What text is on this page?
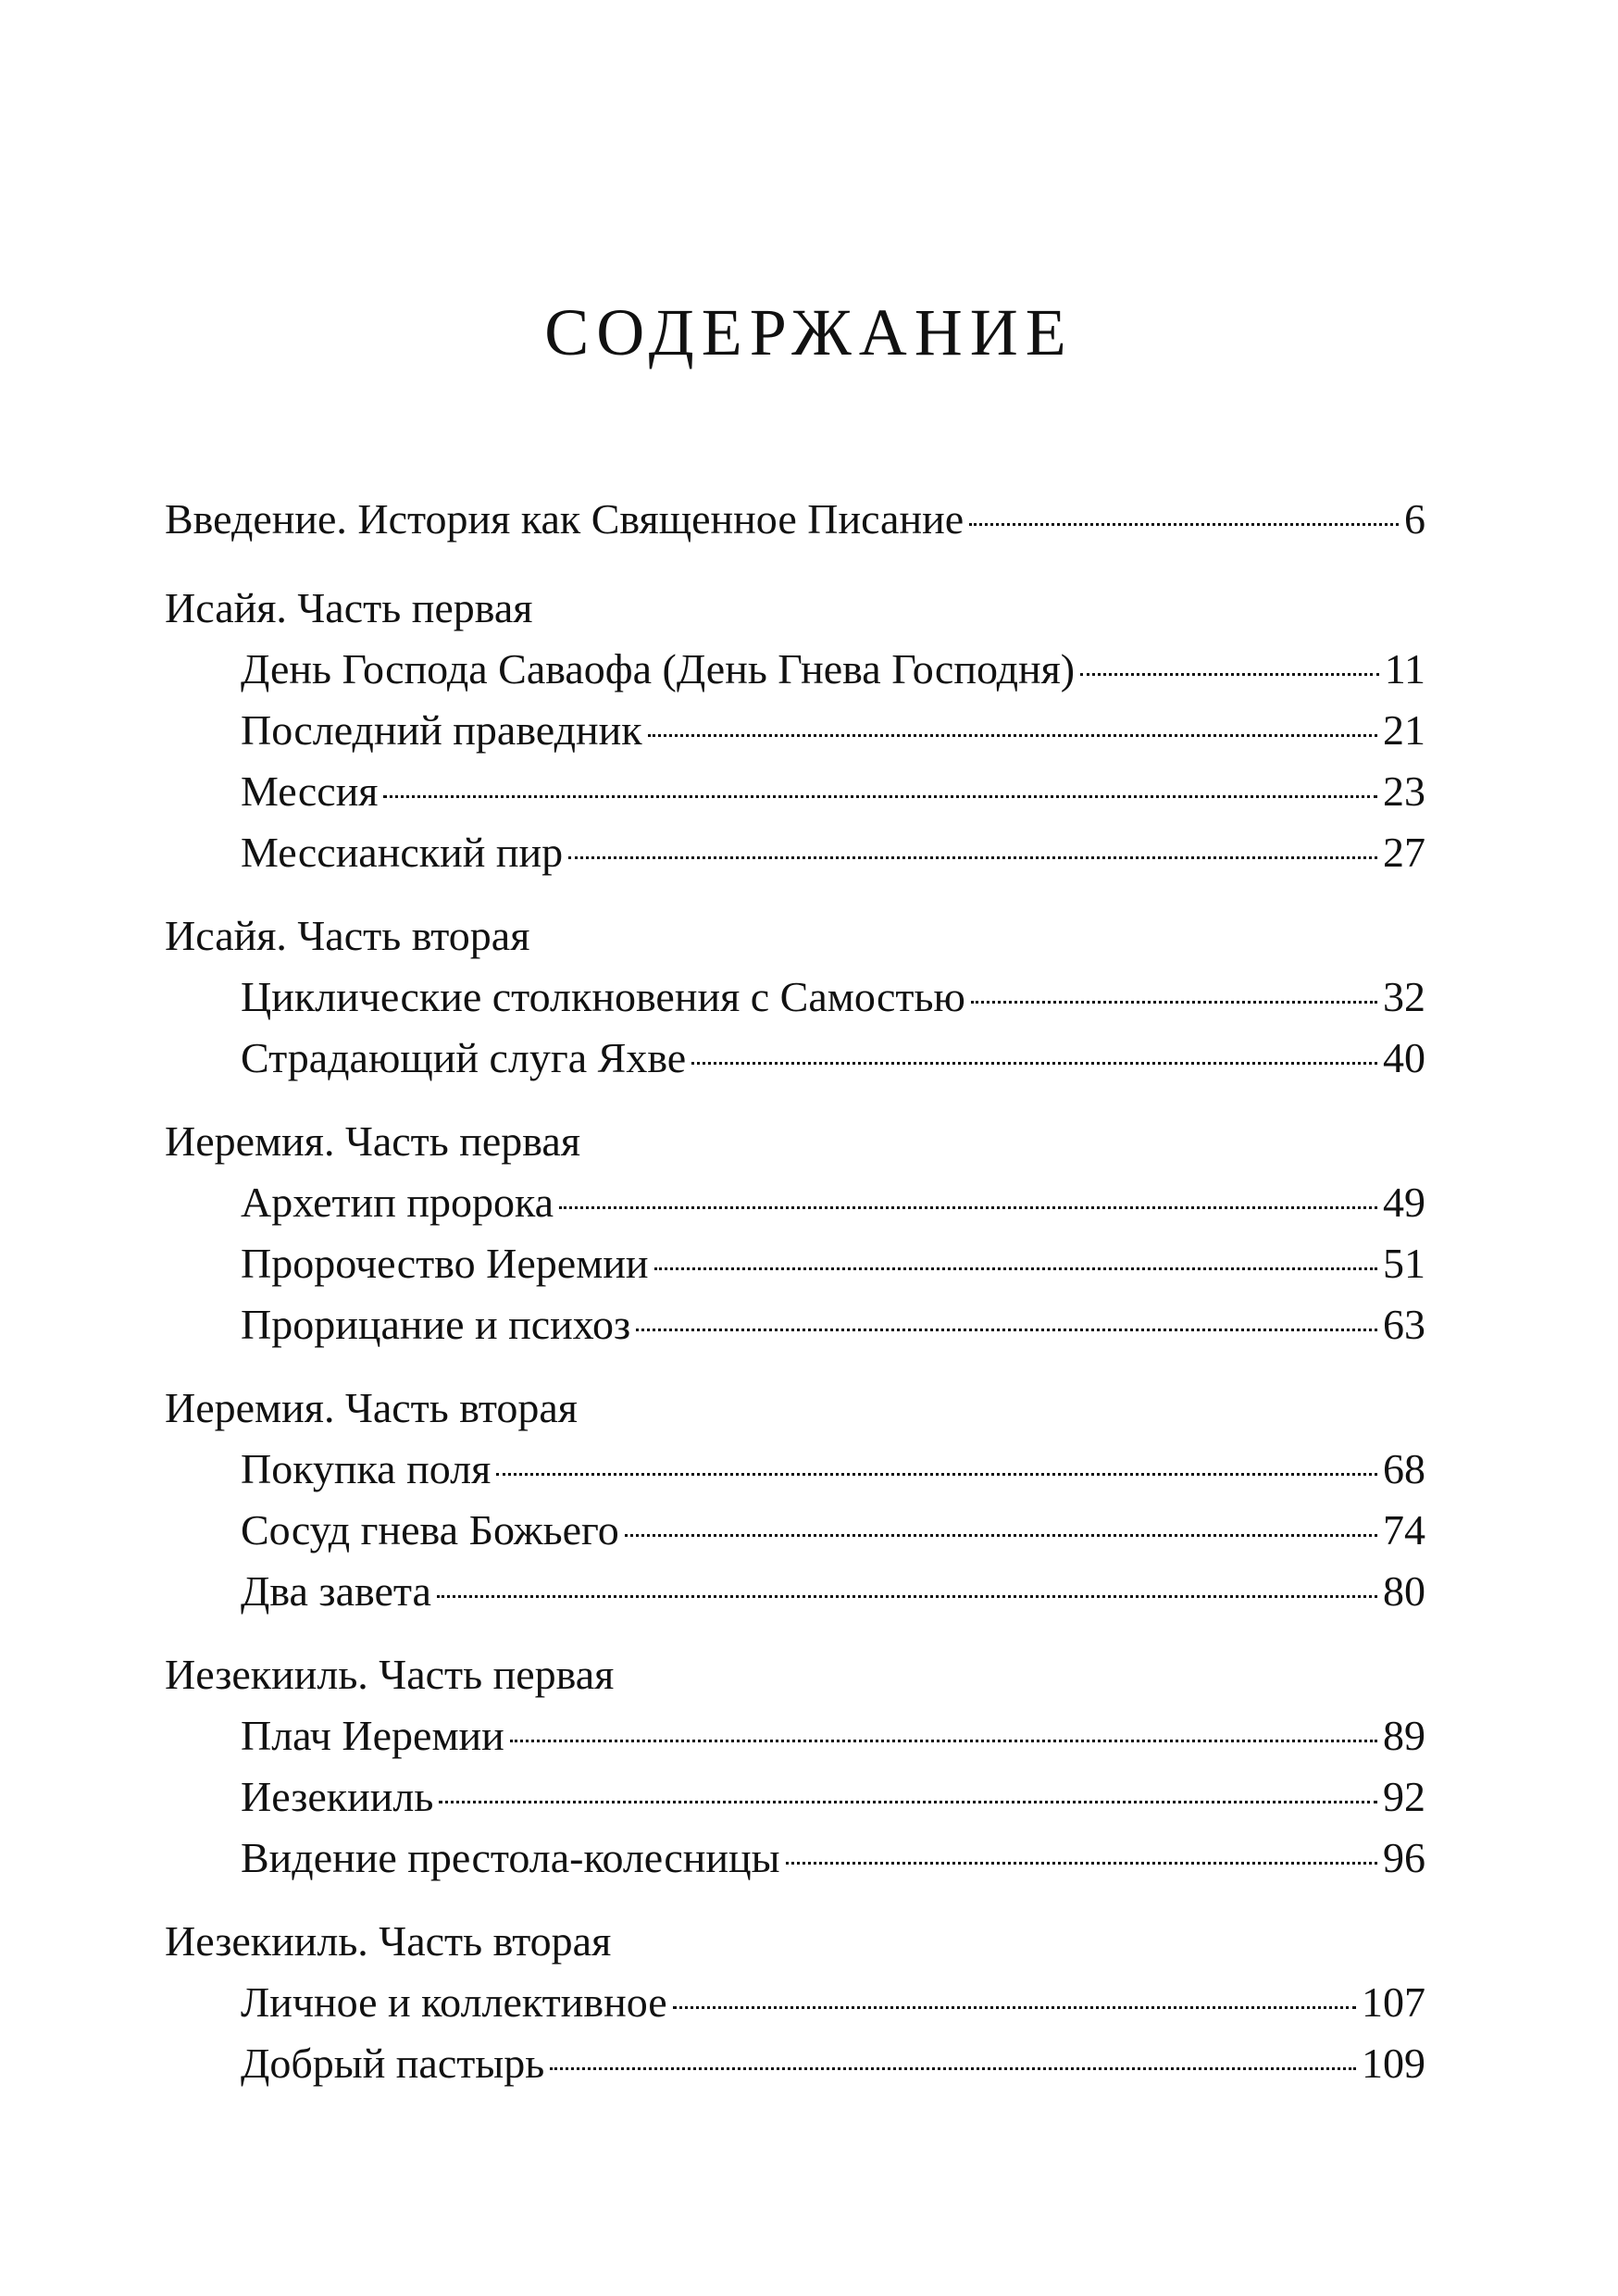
СОДЕРЖАНИЕ
Введение. История как Священное Писание	6
Исайя. Часть первая
День Господа Саваофа (День Гнева Господня)	11
Последний праведник	21
Мессия	23
Мессианский пир	27
Исайя. Часть вторая
Циклические столкновения с Самостью	32
Страдающий слуга Яхве	40
Иеремия. Часть первая
Архетип пророка	49
Пророчество Иеремии	51
Прорицание и психоз	63
Иеремия. Часть вторая
Покупка поля	68
Сосуд гнева Божьего	74
Два завета	80
Иезекииль. Часть первая
Плач Иеремии	89
Иезекииль	92
Видение престола-колесницы	96
Иезекииль. Часть вторая
Личное и коллективное	107
Добрый пастырь	109
